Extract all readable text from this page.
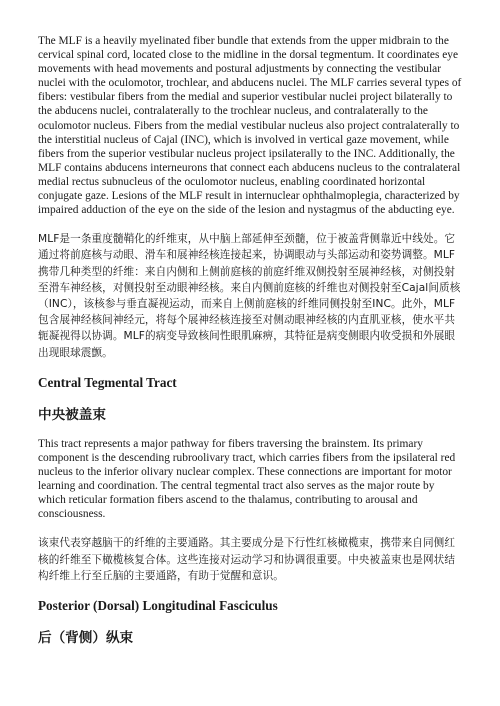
The MLF is a heavily myelinated fiber bundle that extends from the upper midbrain to the cervical spinal cord, located close to the midline in the dorsal tegmentum. It coordinates eye movements with head movements and postural adjustments by connecting the vestibular nuclei with the oculomotor, trochlear, and abducens nuclei. The MLF carries several types of fibers: vestibular fibers from the medial and superior vestibular nuclei project bilaterally to the abducens nuclei, contralaterally to the trochlear nucleus, and contralaterally to the oculomotor nucleus. Fibers from the medial vestibular nucleus also project contralaterally to the interstitial nucleus of Cajal (INC), which is involved in vertical gaze movement, while fibers from the superior vestibular nucleus project ipsilaterally to the INC. Additionally, the MLF contains abducens interneurons that connect each abducens nucleus to the contralateral medial rectus subnucleus of the oculomotor nucleus, enabling coordinated horizontal conjugate gaze. Lesions of the MLF result in internuclear ophthalmoplegia, characterized by impaired adduction of the eye on the side of the lesion and nystagmus of the abducting eye.

MLF是一条重度髓鞘化的纤维束，从中脑上部延伸至颈髓，位于被盖背侧靠近中线处。它通过将前庭核与动眼、滑车和展神经核连接起来，协调眼动与头部运动和姿势调整。MLF携带几种类型的纤维：来自内侧和上侧前庭核的前庭纤维双侧投射至展神经核，对侧投射至滑车神经核，对侧投射至动眼神经核。来自内侧前庭核的纤维也对侧投射至Cajal间质核（INC），该核参与垂直凝视运动，而来自上侧前庭核的纤维同侧投射至INC。此外，MLF包含展神经核间神经元，将每个展神经核连接至对侧动眼神经核的内直肌亚核，使水平共轭凝视得以协调。MLF的病变导致核间性眼肌麻痹，其特征是病变侧眼内收受损和外展眼出现眼球震颤。

Central Tegmental Tract
中央被盖束

This tract represents a major pathway for fibers traversing the brainstem. Its primary component is the descending rubroolivary tract, which carries fibers from the ipsilateral red nucleus to the inferior olivary nuclear complex. These connections are important for motor learning and coordination. The central tegmental tract also serves as the major route by which reticular formation fibers ascend to the thalamus, contributing to arousal and consciousness.

该束代表穿越脑干的纤维的主要通路。其主要成分是下行性红核橄榄束，携带来自同侧红核的纤维至下橄榄核复合体。这些连接对运动学习和协调很重要。中央被盖束也是网状结构纤维上行至丘脑的主要通路，有助于觉醒和意识。

Posterior (Dorsal) Longitudinal Fasciculus
后（背侧）纵束
